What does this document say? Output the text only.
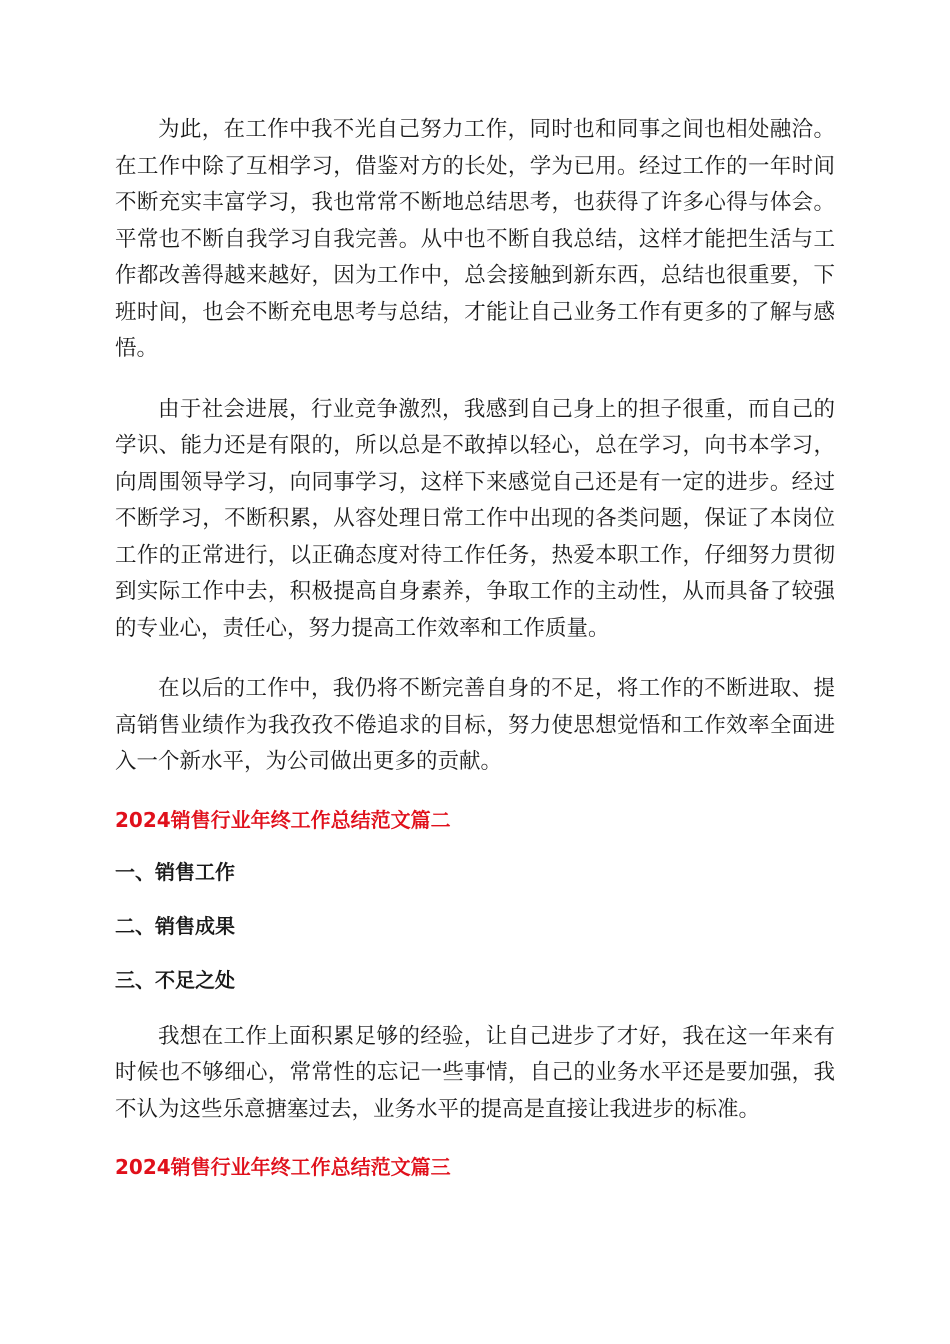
为此，在工作中我不光自己努力工作，同时也和同事之间也相处融洽。在工作中除了互相学习，借鉴对方的长处，学为已用。经过工作的一年时间不断充实丰富学习，我也常常不断地总结思考，也获得了许多心得与体会。平常也不断自我学习自我完善。从中也不断自我总结，这样才能把生活与工作都改善得越来越好，因为工作中，总会接触到新东西，总结也很重要，下班时间，也会不断充电思考与总结，才能让自己业务工作有更多的了解与感悟。

由于社会进展，行业竞争激烈，我感到自己身上的担子很重，而自己的学识、能力还是有限的，所以总是不敢掉以轻心，总在学习，向书本学习，向周围领导学习，向同事学习，这样下来感觉自己还是有一定的进步。经过不断学习，不断积累，从容处理日常工作中出现的各类问题，保证了本岗位工作的正常进行，以正确态度对待工作任务，热爱本职工作，仔细努力贯彻到实际工作中去，积极提高自身素养，争取工作的主动性，从而具备了较强的专业心，责任心，努力提高工作效率和工作质量。

在以后的工作中，我仍将不断完善自身的不足，将工作的不断进取、提高销售业绩作为我孜孜不倦追求的目标，努力使思想觉悟和工作效率全面进入一个新水平，为公司做出更多的贡献。

2024销售行业年终工作总结范文篇二
一、销售工作
二、销售成果
三、不足之处

我想在工作上面积累足够的经验，让自己进步了才好，我在这一年来有时候也不够细心，常常性的忘记一些事情，自己的业务水平还是要加强，我不认为这些乐意搪塞过去，业务水平的提高是直接让我进步的标准。

2024销售行业年终工作总结范文篇三
